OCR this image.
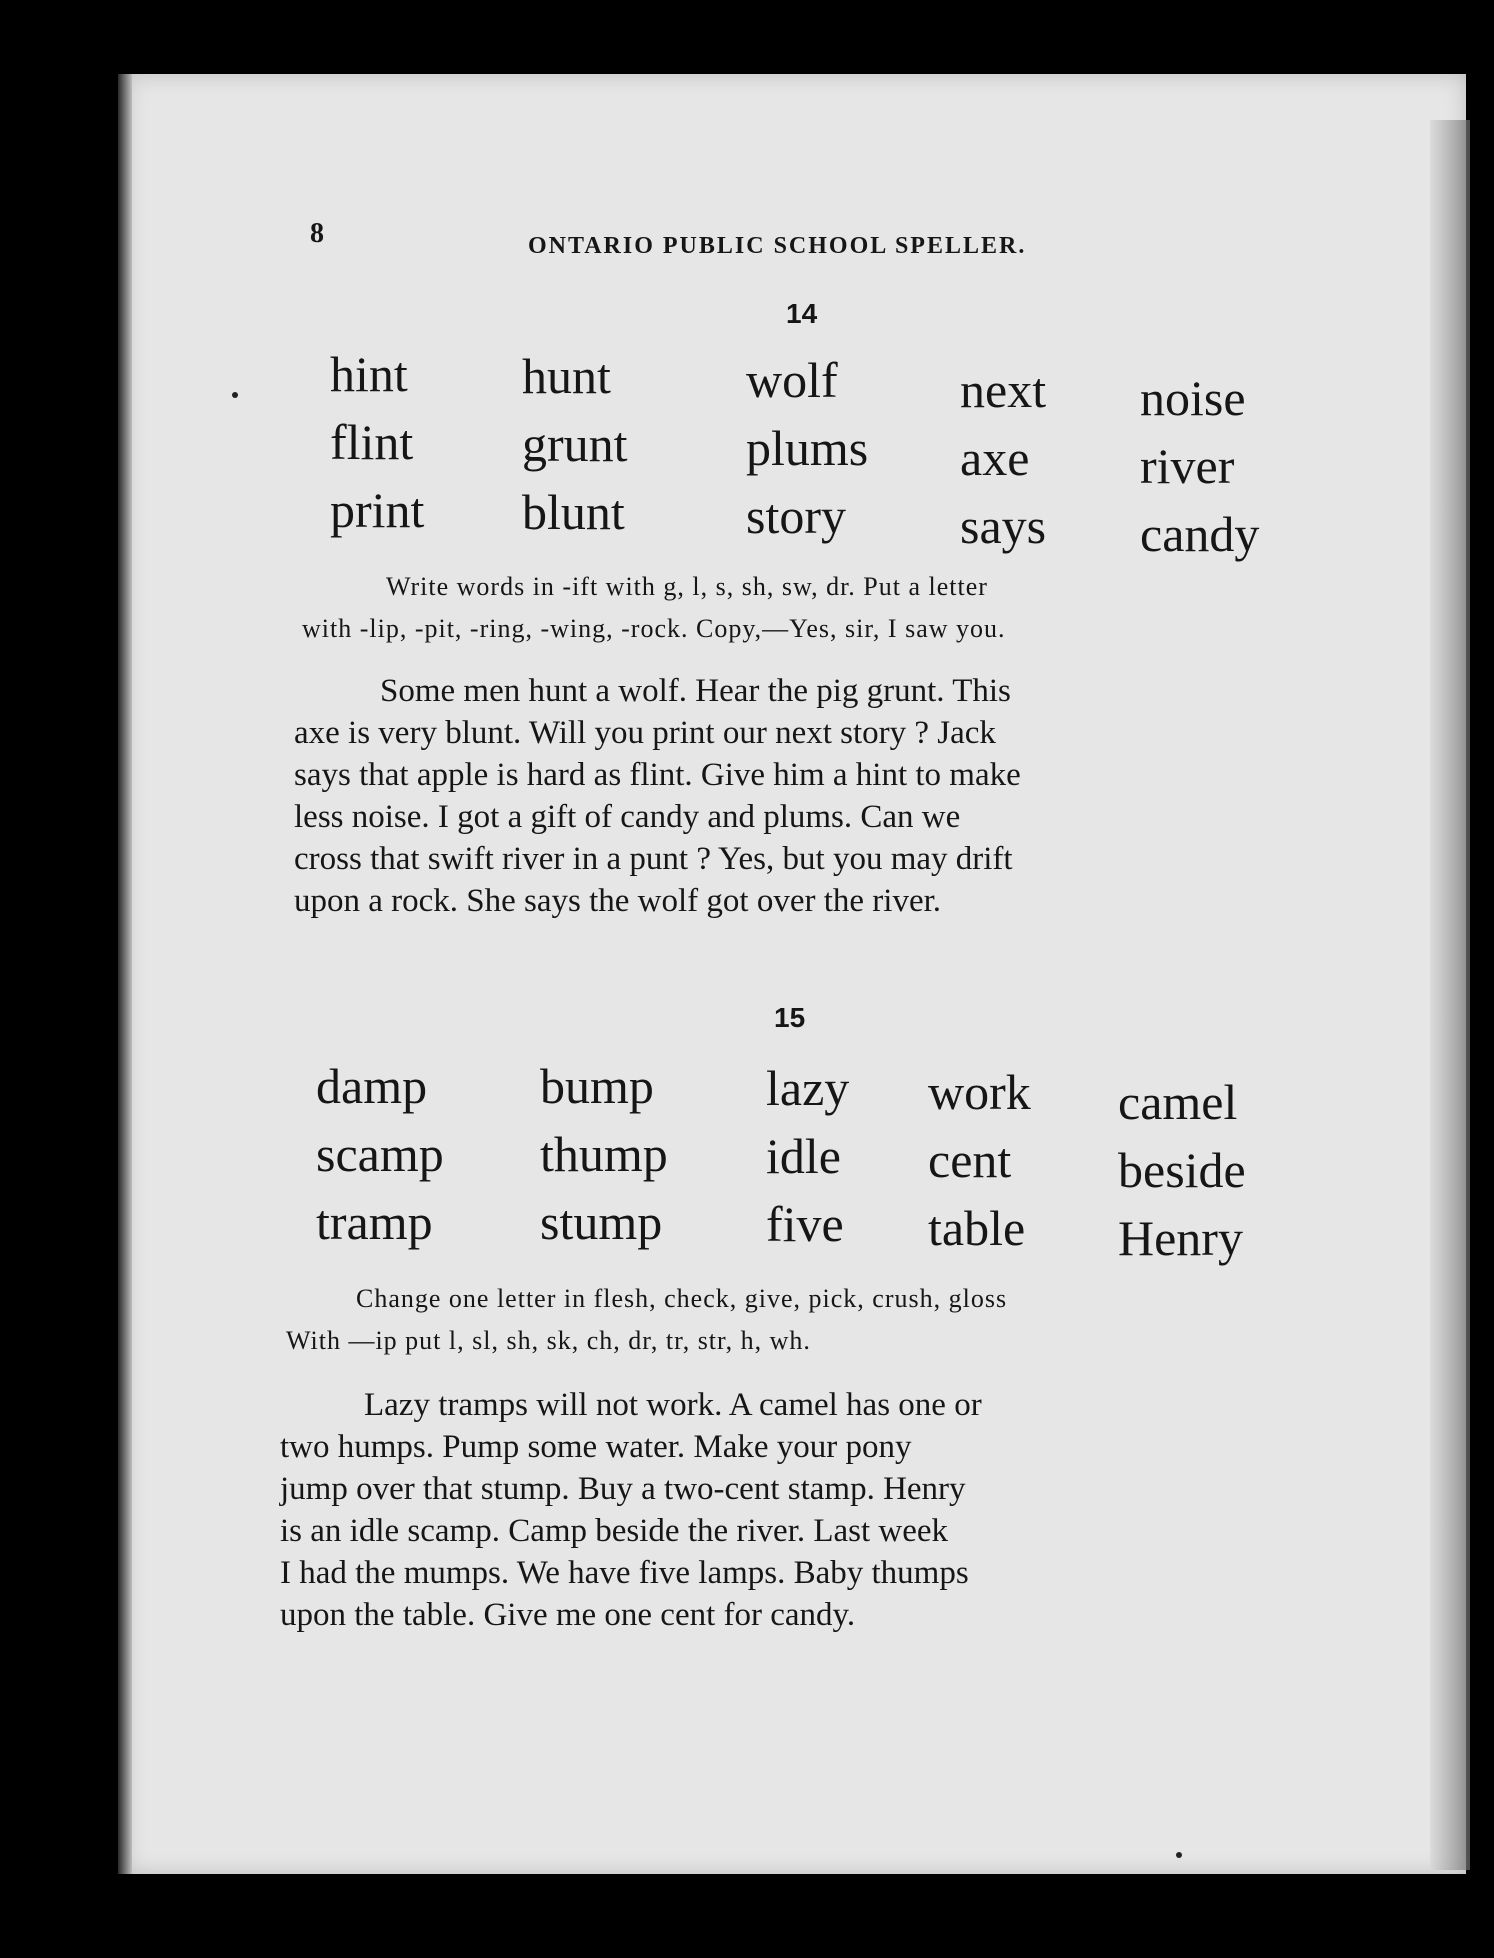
8	ONTARIO PUBLIC SCHOOL SPELLER.
14
hint
flint
print
hunt
grunt
blunt
wolf
plums
story
next
axe
says
noise
river
candy
Write words in -ift with g, l, s, sh, sw, dr. Put a letter
with -lip, -pit, -ring, -wing, -rock. Copy,—Yes, sir, I saw you.
Some men hunt a wolf. Hear the pig grunt. This
axe is very blunt. Will you print our next story ? Jack
says that apple is hard as flint. Give him a hint to make
less noise. I got a gift of candy and plums. Can we
cross that swift river in a punt ? Yes, but you may drift
upon a rock. She says the wolf got over the river.
15
damp
scamp
tramp
bump
thump
stump
lazy
idle
five
work
cent
table
camel
beside
Henry
Change one letter in flesh, check, give, pick, crush, gloss
With —ip put l, sl, sh, sk, ch, dr, tr, str, h, wh.
Lazy tramps will not work. A camel has one or
two humps. Pump some water. Make your pony
jump over that stump. Buy a two-cent stamp. Henry
is an idle scamp. Camp beside the river. Last week
I had the mumps. We have five lamps. Baby thumps
upon the table. Give me one cent for candy.
